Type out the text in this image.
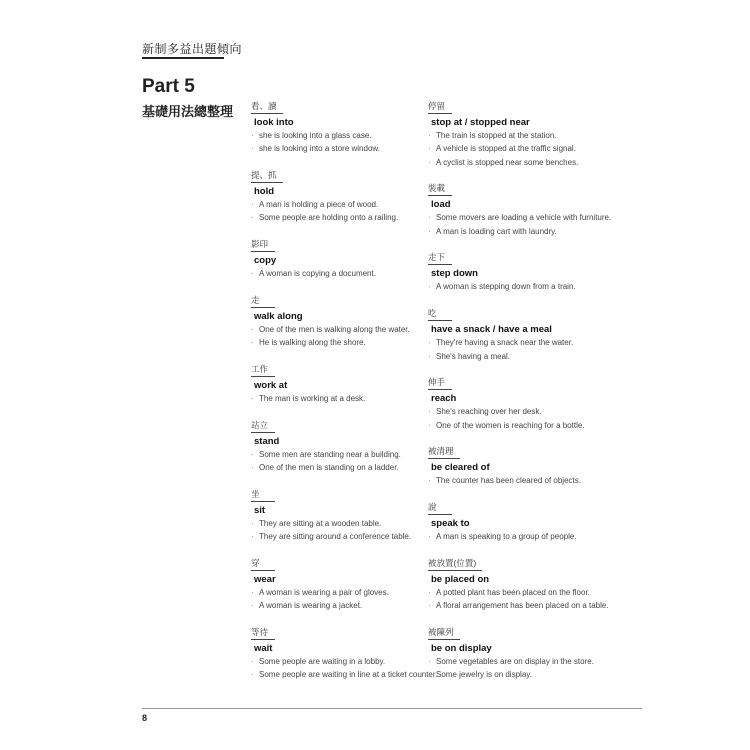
新制多益出題傾向
Part 5
基礎用法總整理 看、讀
look into
· she is looking into a glass case.
· she is looking into a store window.
提、抓
hold
· A man is holding a piece of wood.
· Some people are holding onto a railing.
影印
copy
· A woman is copying a document.
走
walk along
· One of the men is walking along the water.
· He is walking along the shore.
工作
work at
· The man is working at a desk.
站立
stand
· Some men are standing near a building.
· One of the men is standing on a ladder.
坐
sit
· They are sitting at a wooden table.
· They are sitting around a conference table.
穿
wear
· A woman is wearing a pair of gloves.
· A woman is wearing a jacket.
等待
wait
· Some people are waiting in a lobby.
· Some people are waiting in line at a ticket counter.
停留
stop at / stopped near
· The train is stopped at the station.
· A vehicle is stopped at the traffic signal.
· A cyclist is stopped near some benches.
裝載
load
· Some movers are loading a vehicle with furniture.
· A man is loading cart with laundry.
走下
step down
· A woman is stepping down from a train.
吃
have a snack / have a meal
· They're having a snack near the water.
· She's having a meal.
伸手
reach
· She's reaching over her desk.
· One of the women is reaching for a bottle.
被清理
be cleared of
· The counter has been cleared of objects.
說
speak to
· A man is speaking to a group of people.
被放置(位置)
be placed on
· A potted plant has been placed on the floor.
· A floral arrangement has been placed on a table.
被陳列
be on display
· Some vegetables are on display in the store.
· Some jewelry is on display.
8
